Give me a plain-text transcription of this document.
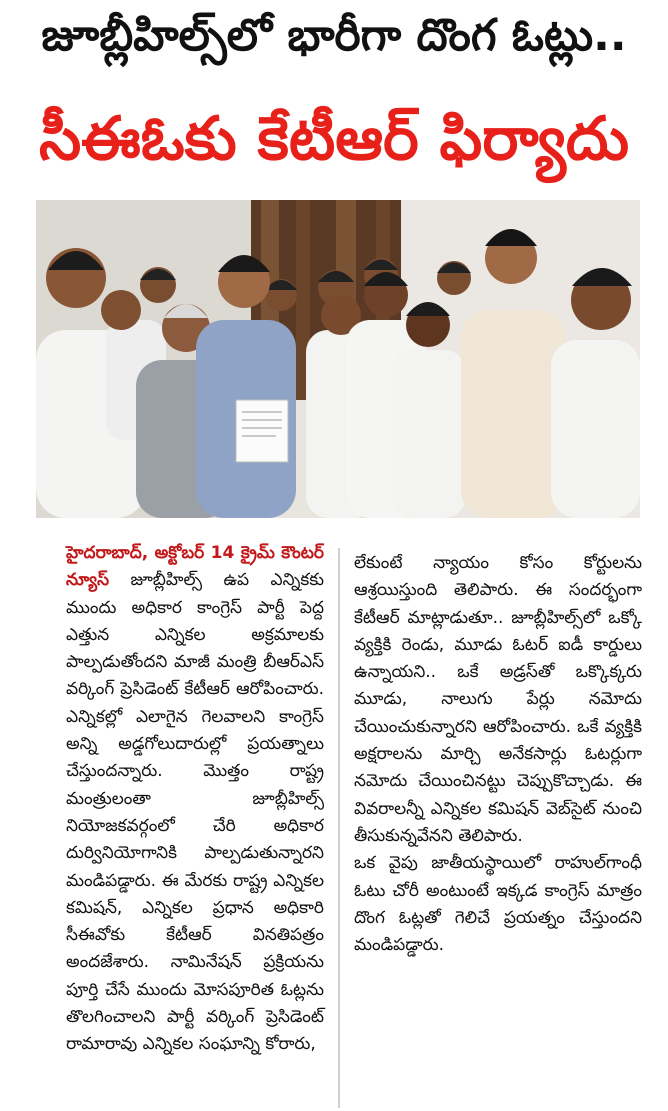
జూబ్లీహిల్స్‌లో భారీగా దొంగ ఓట్లు..
సీఈఓకు కేటీఆర్ ఫిర్యాదు

హైదరాబాద్, అక్టోబర్ 14 క్రైమ్ కౌంటర్ న్యూస్ జూబ్లీహిల్స్ ఉప ఎన్నికకు ముందు అధికార కాంగ్రెస్ పార్టీ పెద్ద ఎత్తున ఎన్నికల అక్రమాలకు పాల్పడుతోందని మాజీ మంత్రి బీఆర్ఎస్ వర్కింగ్ ప్రెసిడెంట్ కేటీఆర్ ఆరోపించారు. ఎన్నికల్లో ఎలాగైన గెలవాలని కాంగ్రెస్ అన్ని అడ్డగోలుదారుల్లో ప్రయత్నాలు చేస్తుందన్నారు. మొత్తం రాష్ట్ర మంత్రులంతా జూబ్లీహిల్స్ నియోజకవర్గంలో చేరి అధికార దుర్వినియోగానికి పాల్పడుతున్నారని మండిపడ్డారు. ఈ మేరకు రాష్ట్ర ఎన్నికల కమిషన్, ఎన్నికల ప్రధాన అధికారి సీఈవోకు కేటీఆర్ వినతిపత్రం అందజేశారు. నామినేషన్ ప్రక్రియను పూర్తి చేసే ముందు మోసపూరిత ఓట్లను తొలగించాలని పార్టీ వర్కింగ్ ప్రెసిడెంట్ రామారావు ఎన్నికల సంఘాన్ని కోరారు,

లేకుంటే న్యాయం కోసం కోర్టులను ఆశ్రయిస్తుంది తెలిపారు. ఈ సందర్భంగా కేటీఆర్ మాట్లాడుతూ.. జూబ్లీహిల్స్‌లో ఒక్కో వ్యక్తికి రెండు, మూడు ఓటర్ ఐడీ కార్డులు ఉన్నాయని.. ఒకే అడ్రస్‌తో ఒక్కొక్కరు మూడు, నాలుగు పేర్లు నమోదు చేయించుకున్నారని ఆరోపించారు. ఒకే వ్యక్తికి అక్షరాలను మార్చి అనేకసార్లు ఓటర్లుగా నమోదు చేయించినట్టు చెప్పుకొచ్చాడు. ఈ వివరాలన్నీ ఎన్నికల కమిషన్ వెబ్‌సైట్ నుంచి తీసుకున్నవేనని తెలిపారు.

ఒక వైపు జాతీయస్థాయిలో రాహుల్‌గాంధీ ఓటు చోరీ అంటుంటే ఇక్కడ కాంగ్రెస్ మాత్రం దొంగ ఓట్లతో గెలిచే ప్రయత్నం చేస్తుందని మండిపడ్డారు.
